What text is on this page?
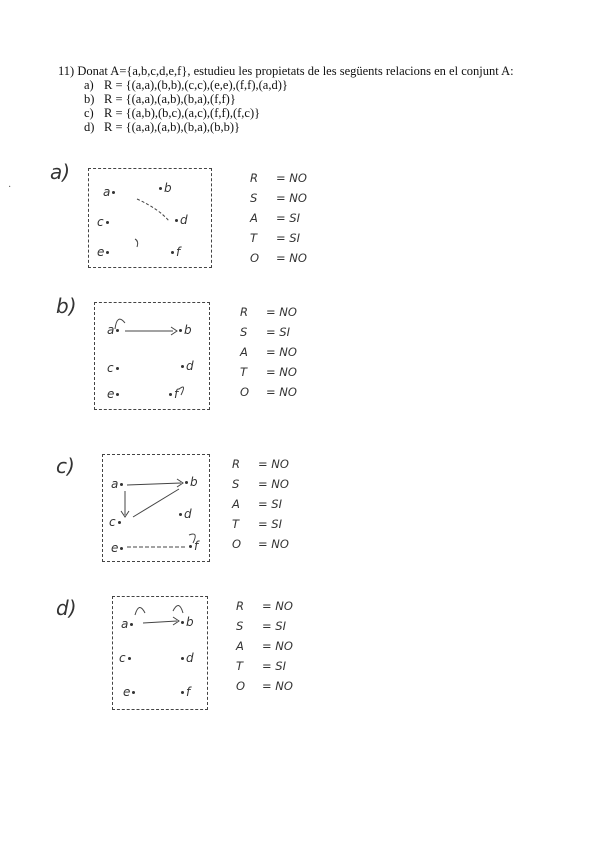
11) Donat A={a,b,c,d,e,f}, estudieu les propietats de les següents relacions en el conjunt A:
a) R = {(a,a),(b,b),(c,c),(e,e),(f,f),(a,d)}
b) R = {(a,a),(a,b),(b,a),(f,f)}
c) R = {(a,b),(b,c),(a,c),(f,f),(f,c)}
d) R = {(a,a),(a,b),(b,a),(b,b)}
·
a)
a	b
c	d
e	f
R = NO
S = NO
A = SI
T = SI
O = NO
b)
a	b
c	d
e	f
R = NO
S = SI
A = NO
T = NO
O = NO
c)
a	b
c
d
e	f
R = NO
S = NO
A = SI
T = SI
O = NO
d)
a	b
c	d
e	f
R = NO
S = SI
A = NO
T = SI
O = NO
